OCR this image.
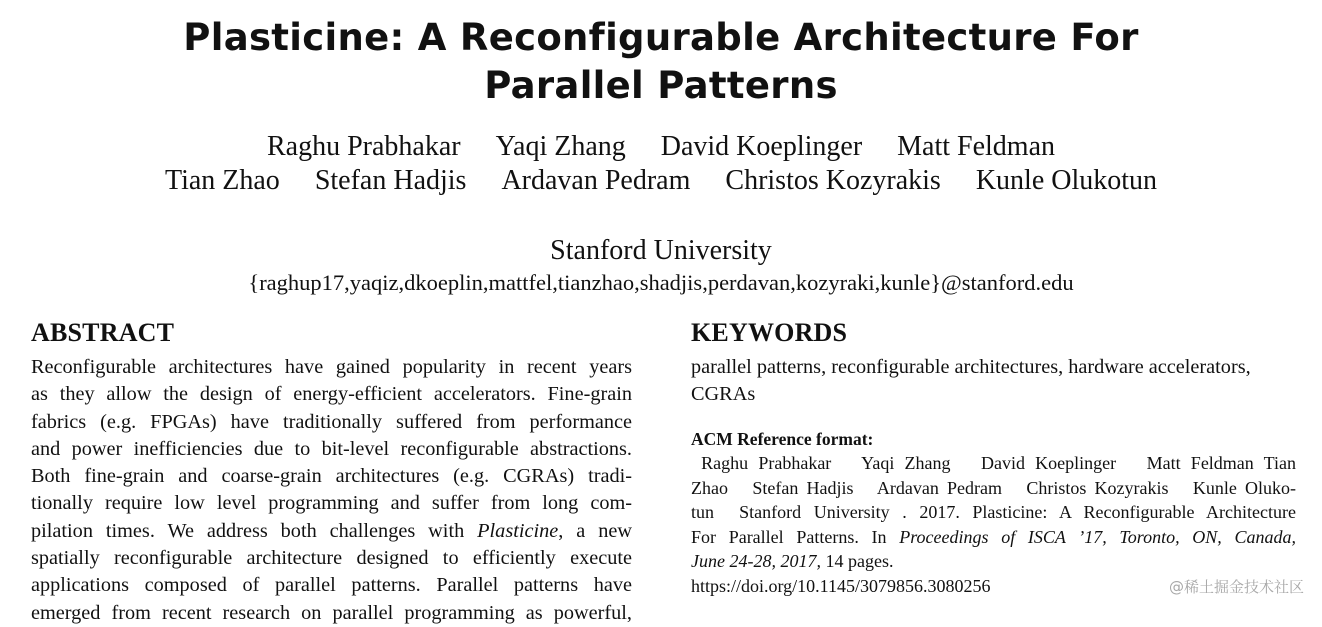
Plasticine: A Reconfigurable Architecture For
Parallel Patterns
Raghu Prabhakar Yaqi Zhang David Koeplinger Matt Feldman
Tian Zhao Stefan Hadjis Ardavan Pedram Christos Kozyrakis Kunle Olukotun
Stanford University
{raghup17,yaqiz,dkoeplin,mattfel,tianzhao,shadjis,perdavan,kozyraki,kunle}@stanford.edu
ABSTRACT
Reconfigurable architectures have gained popularity in recent years
as they allow the design of energy-efficient accelerators. Fine-grain
fabrics (e.g. FPGAs) have traditionally suffered from performance
and power inefficiencies due to bit-level reconfigurable abstractions.
Both fine-grain and coarse-grain architectures (e.g. CGRAs) tradi-
tionally require low level programming and suffer from long com-
pilation times. We address both challenges with Plasticine, a new
spatially reconfigurable architecture designed to efficiently execute
applications composed of parallel patterns. Parallel patterns have
emerged from recent research on parallel programming as powerful,
KEYWORDS
parallel patterns, reconfigurable architectures, hardware accelerators,
CGRAs
ACM Reference format:
Raghu Prabhakar   Yaqi Zhang   David Koeplinger   Matt Feldman Tian
Zhao   Stefan Hadjis   Ardavan Pedram   Christos Kozyrakis   Kunle Oluko-
tun  Stanford University . 2017. Plasticine: A Reconfigurable Architecture
For Parallel Patterns. In Proceedings of ISCA ’17, Toronto, ON, Canada,
June 24-28, 2017, 14 pages.
https://doi.org/10.1145/3079856.3080256	@稀土掘金技术社区
